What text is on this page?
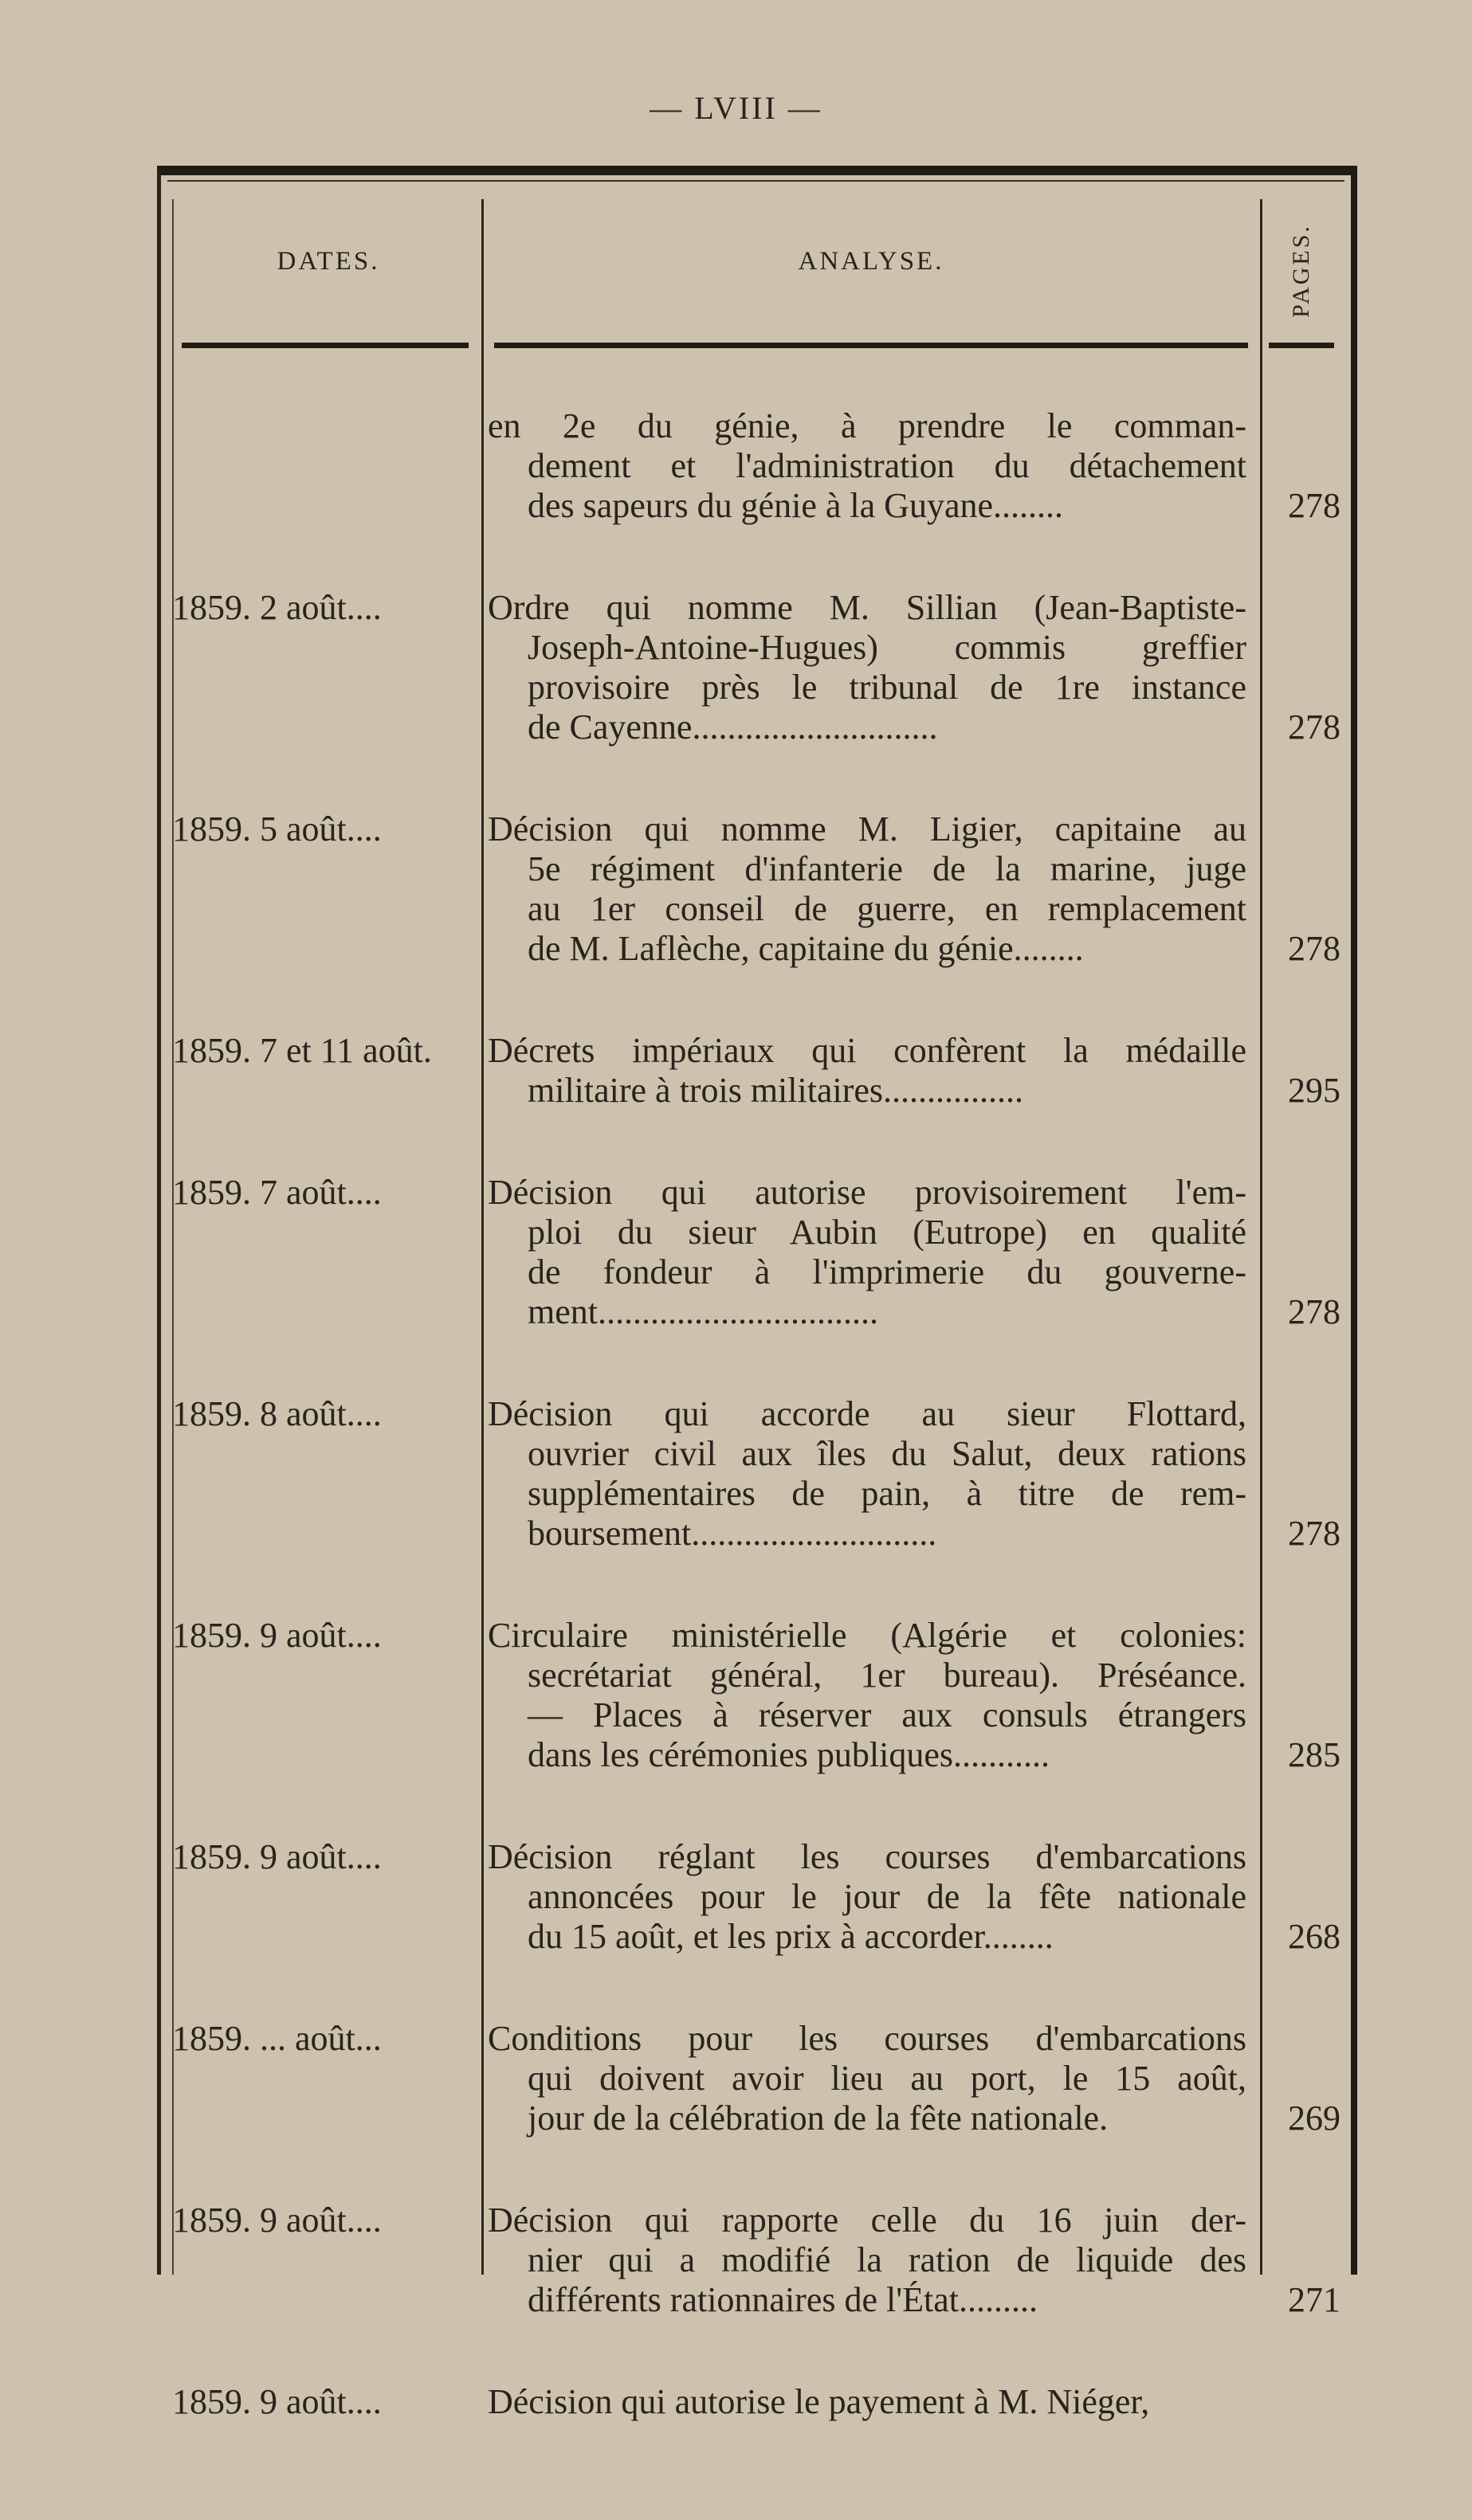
— LVIII —
DATES.	ANALYSE.	PAGES.
en 2e du génie, à prendre le comman-
dement et l'administration du détachement
des sapeurs du génie à la Guyane........	278
1859. 2 août....	Ordre qui nomme M. Sillian (Jean-Baptiste-
Joseph-Antoine-Hugues) commis greffier
provisoire près le tribunal de 1re instance
de Cayenne............................	278
1859. 5 août....	Décision qui nomme M. Ligier, capitaine au
5e régiment d'infanterie de la marine, juge
au 1er conseil de guerre, en remplacement
de M. Laflèche, capitaine du génie........	278
1859. 7 et 11 août.	Décrets impériaux qui confèrent la médaille
militaire à trois militaires................	295
1859. 7 août....	Décision qui autorise provisoirement l'em-
ploi du sieur Aubin (Eutrope) en qualité
de fondeur à l'imprimerie du gouverne-
ment................................	278
1859. 8 août....	Décision qui accorde au sieur Flottard,
ouvrier civil aux îles du Salut, deux rations
supplémentaires de pain, à titre de rem-
boursement............................	278
1859. 9 août....	Circulaire ministérielle (Algérie et colonies:
secrétariat général, 1er bureau). Préséance.
— Places à réserver aux consuls étrangers
dans les cérémonies publiques...........	285
1859. 9 août....	Décision réglant les courses d'embarcations
annoncées pour le jour de la fête nationale
du 15 août, et les prix à accorder........	268
1859. ... août...	Conditions pour les courses d'embarcations
qui doivent avoir lieu au port, le 15 août,
jour de la célébration de la fête nationale.	269
1859. 9 août....	Décision qui rapporte celle du 16 juin der-
nier qui a modifié la ration de liquide des
différents rationnaires de l'État.........	271
1859. 9 août....	Décision qui autorise le payement à M. Niéger,
